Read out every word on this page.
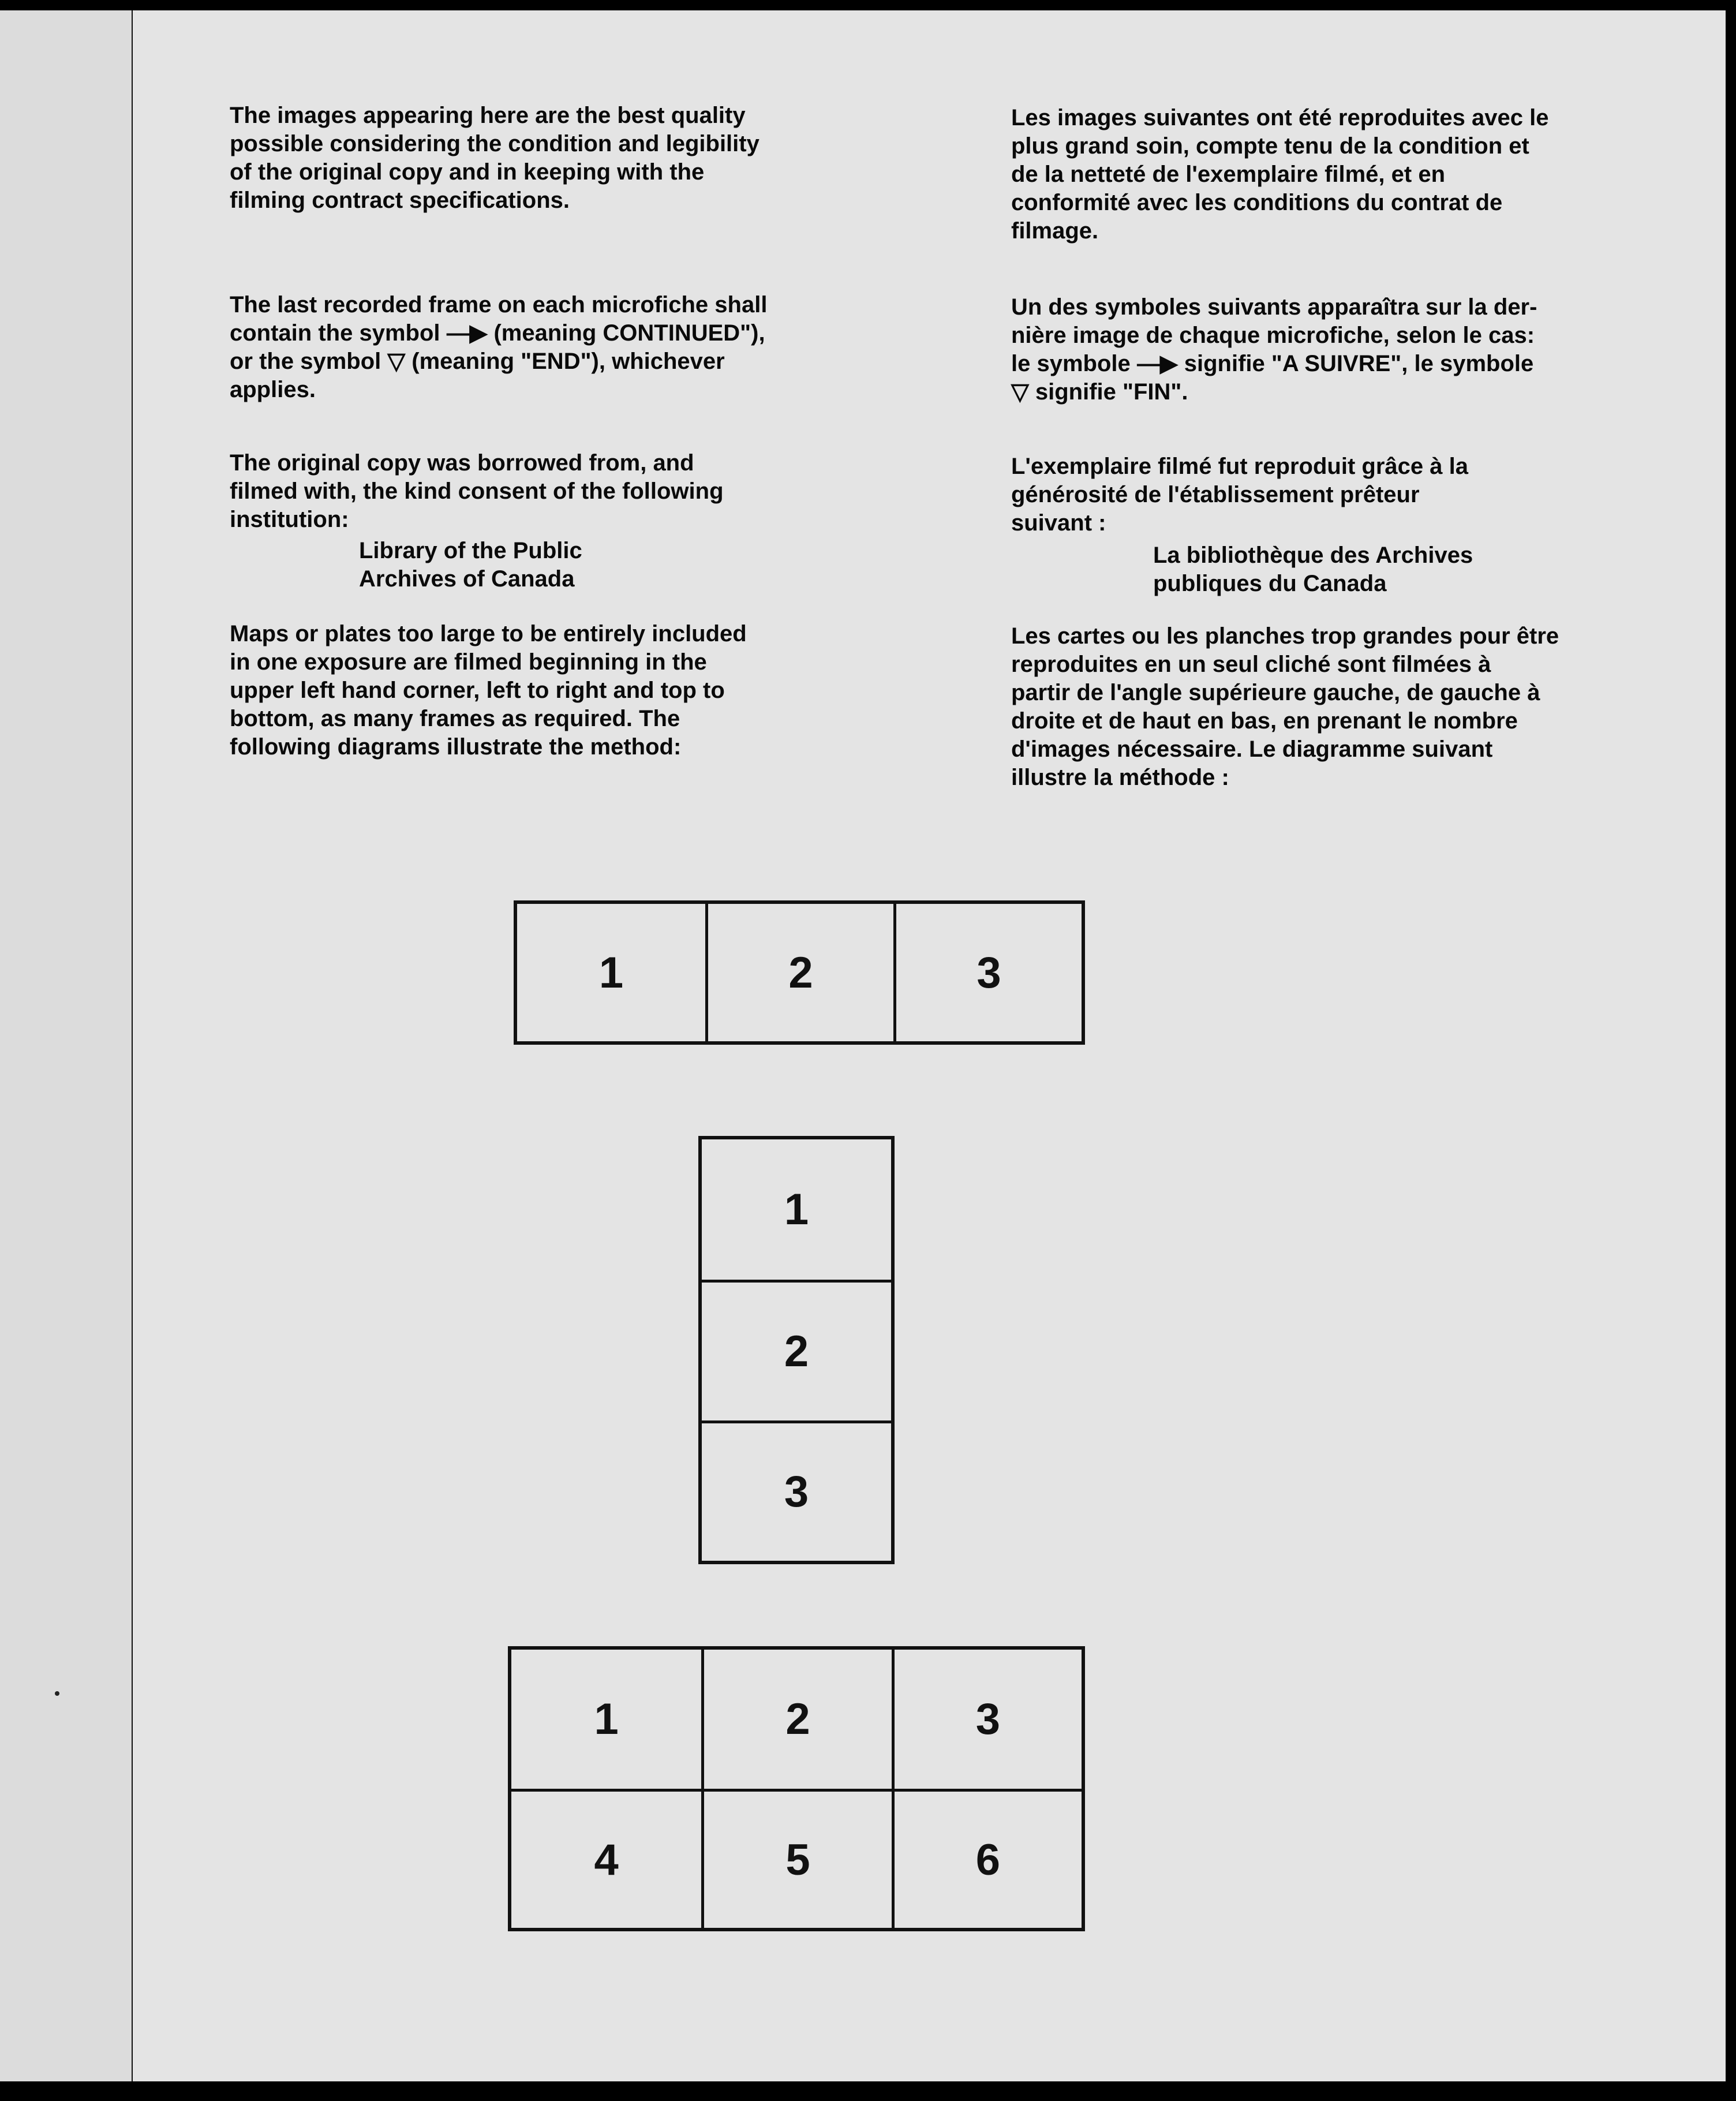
The images appearing here are the best quality
possible considering the condition and legibility
of the original copy and in keeping with the
filming contract specifications.

The last recorded frame on each microfiche shall
contain the symbol —▶ (meaning CONTINUED"),
or the symbol ▽ (meaning "END"), whichever
applies.

The original copy was borrowed from, and
filmed with, the kind consent of the following
institution:

Library of the Public
Archives of Canada

Maps or plates too large to be entirely included
in one exposure are filmed beginning in the
upper left hand corner, left to right and top to
bottom, as many frames as required. The
following diagrams illustrate the method:

Les images suivantes ont été reproduites avec le
plus grand soin, compte tenu de la condition et
de la netteté de l'exemplaire filmé, et en
conformité avec les conditions du contrat de
filmage.

Un des symboles suivants apparaîtra sur la der-
nière image de chaque microfiche, selon le cas:
le symbole —▶ signifie "A SUIVRE", le symbole
▽ signifie "FIN".

L'exemplaire filmé fut reproduit grâce à la
générosité de l'établissement prêteur
suivant :

La bibliothèque des Archives
publiques du Canada

Les cartes ou les planches trop grandes pour être
reproduites en un seul cliché sont filmées à
partir de l'angle supérieure gauche, de gauche à
droite et de haut en bas, en prenant le nombre
d'images nécessaire. Le diagramme suivant
illustre la méthode :

1	2	3
1
2
3
1	2	3
4	5	6
